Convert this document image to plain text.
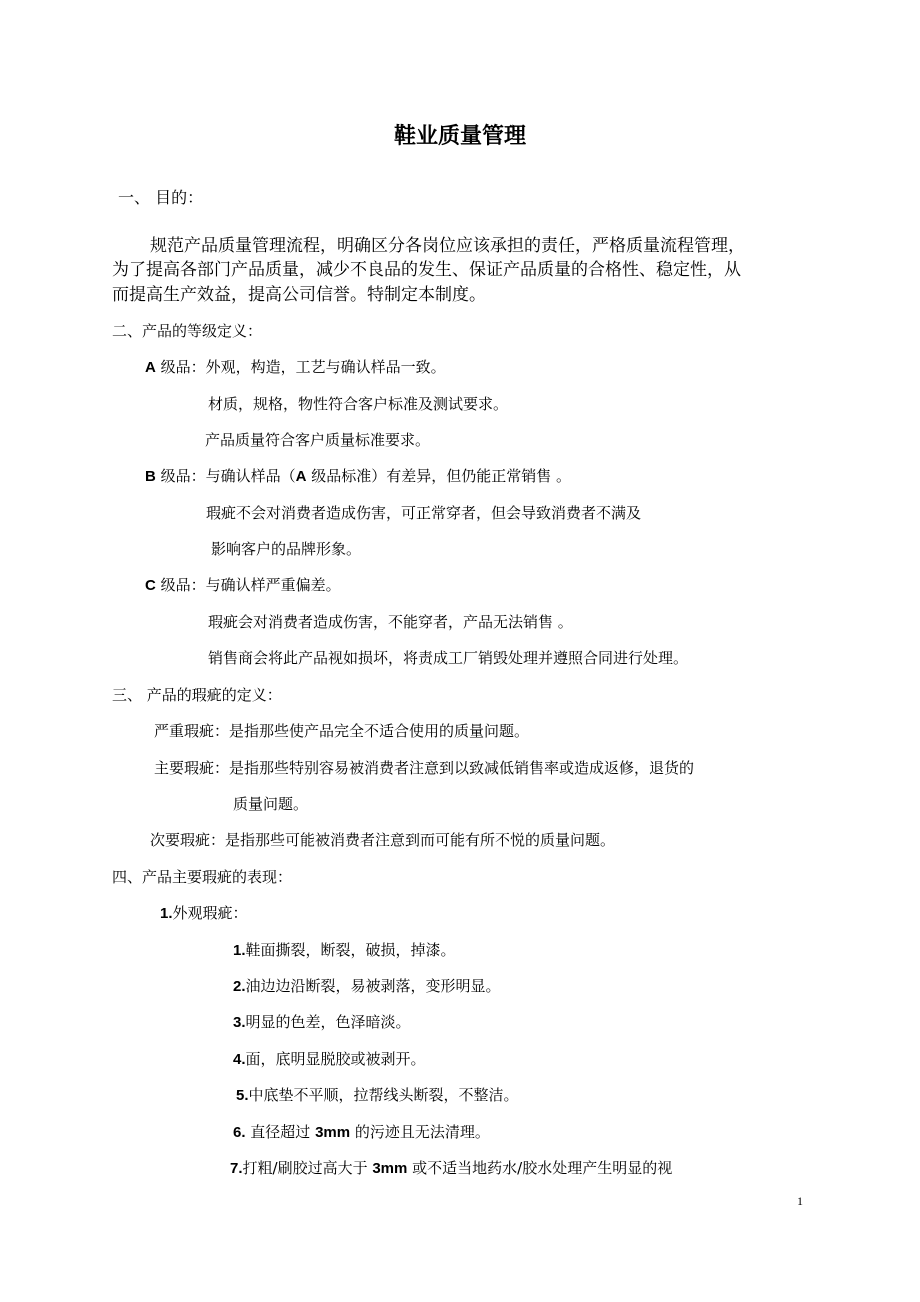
鞋业质量管理
一、 目的：
规范产品质量管理流程，明确区分各岗位应该承担的责任，严格质量流程管理，
为了提高各部门产品质量，减少不良品的发生、保证产品质量的合格性、稳定性，从
而提高生产效益，提高公司信誉。特制定本制度。
二、产品的等级定义：
A 级品：外观，构造，工艺与确认样品一致。
材质，规格，物性符合客户标准及测试要求。
产品质量符合客户质量标准要求。
B 级品：与确认样品（A 级品标准）有差异，但仍能正常销售 。
瑕疵不会对消费者造成伤害，可正常穿者，但会导致消费者不满及
影响客户的品牌形象。
C 级品：与确认样严重偏差。
瑕疵会对消费者造成伤害，不能穿者，产品无法销售 。
销售商会将此产品视如损坏，将责成工厂销毁处理并遵照合同进行处理。
三、 产品的瑕疵的定义：
严重瑕疵：是指那些使产品完全不适合使用的质量问题。
主要瑕疵：是指那些特别容易被消费者注意到以致减低销售率或造成返修，退货的
质量问题。
次要瑕疵：是指那些可能被消费者注意到而可能有所不悦的质量问题。
四、产品主要瑕疵的表现：
1.外观瑕疵：
1.鞋面撕裂，断裂，破损，掉漆。
2.油边边沿断裂，易被剥落，变形明显。
3.明显的色差，色泽暗淡。
4.面，底明显脱胶或被剥开。
5.中底垫不平顺，拉帮线头断裂，不整洁。
6. 直径超过 3mm 的污迹且无法清理。
7.打粗/刷胶过高大于 3mm 或不适当地药水/胶水处理产生明显的视
1
